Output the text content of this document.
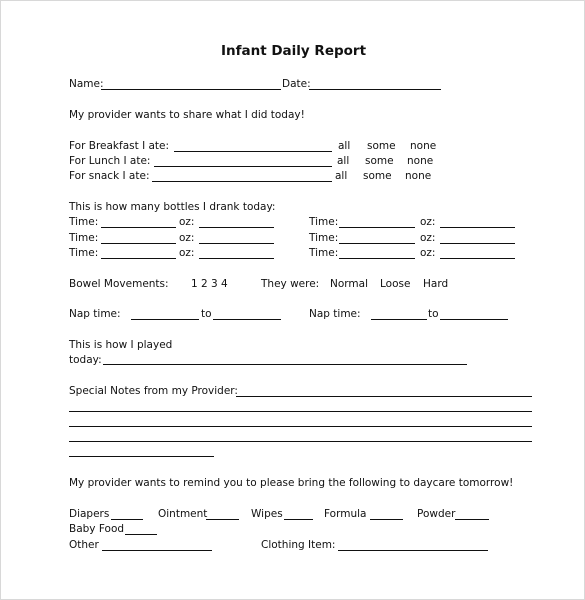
Infant Daily Report
Name:	Date:
My provider wants to share what I did today!
For Breakfast I ate:	all some none
For Lunch I ate:	all some none
For snack I ate:	all some none
This is how many bottles I drank today:
Time:	oz:	Time:	oz:
Time:	oz:	Time:	oz:
Time:	oz:	Time:	oz:
Bowel Movements: 1 2 3 4	They were: Normal Loose Hard
Nap time:	to	Nap time:	to
This is how I played
today:
Special Notes from my Provider:
My provider wants to remind you to please bring the following to daycare tomorrow!
Diapers	Ointment	Wipes	Formula	Powder
Baby Food
Other	Clothing Item:
